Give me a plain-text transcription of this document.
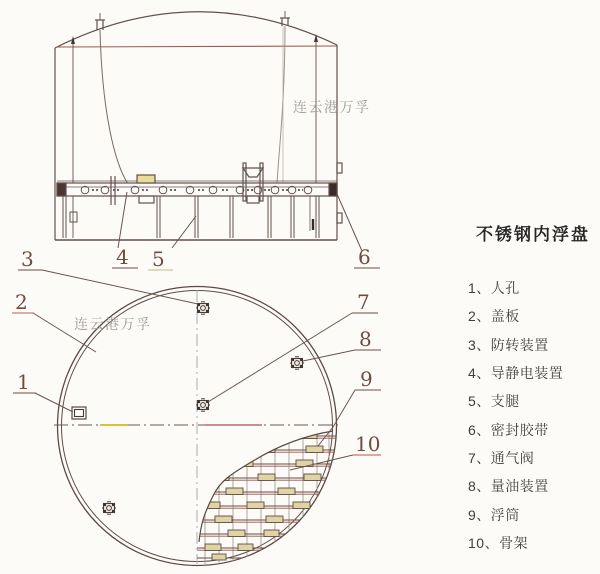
连云港万孚
连云港万孚
1
2
3	4 5	6
7
8
9
10
不锈钢内浮盘
1、人孔
2、盖板
3、防转装置
4、导静电装置
5、支腿
6、密封胶带
7、通气阀
8、量油装置
9、浮筒
10、骨架
